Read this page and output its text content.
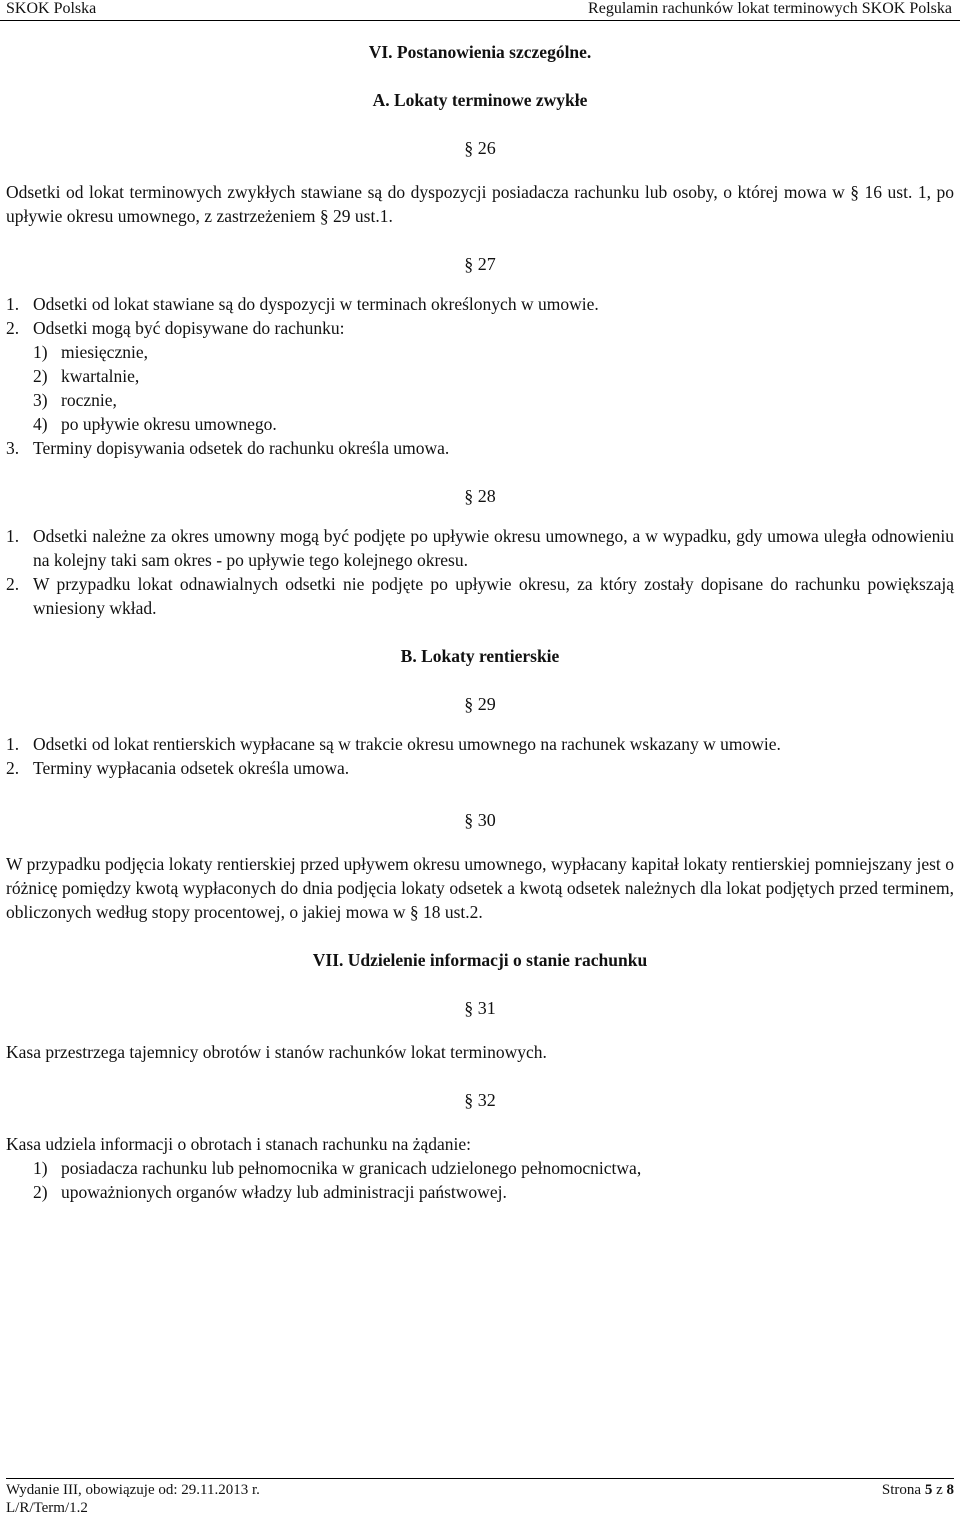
SKOK Polska	Regulamin rachunków lokat terminowych SKOK Polska

VI. Postanowienia szczególne.

A. Lokaty terminowe zwykłe

§ 26

Odsetki od lokat terminowych zwykłych stawiane są do dyspozycji posiadacza rachunku lub osoby, o której mowa w § 16 ust. 1, po upływie okresu umownego, z zastrzeżeniem § 29 ust.1.

§ 27

1. Odsetki od lokat stawiane są do dyspozycji w terminach określonych w umowie.
2. Odsetki mogą być dopisywane do rachunku:
1) miesięcznie,
2) kwartalnie,
3) rocznie,
4) po upływie okresu umownego.
3. Terminy dopisywania odsetek do rachunku określa umowa.

§ 28

1. Odsetki należne za okres umowny mogą być podjęte po upływie okresu umownego, a w wypadku, gdy umowa uległa odnowieniu na kolejny taki sam okres - po upływie tego kolejnego okresu.
2. W przypadku lokat odnawialnych odsetki nie podjęte po upływie okresu, za który zostały dopisane do rachunku powiększają wniesiony wkład.

B. Lokaty rentierskie

§ 29

1. Odsetki od lokat rentierskich wypłacane są w trakcie okresu umownego na rachunek wskazany w umowie.
2. Terminy wypłacania odsetek określa umowa.

§ 30

W przypadku podjęcia lokaty rentierskiej przed upływem okresu umownego, wypłacany kapitał lokaty rentierskiej pomniejszany jest o różnicę pomiędzy kwotą wypłaconych do dnia podjęcia lokaty odsetek a kwotą odsetek należnych dla lokat podjętych przed terminem, obliczonych według stopy procentowej, o jakiej mowa w § 18 ust.2.

VII. Udzielenie informacji o stanie rachunku

§ 31

Kasa przestrzega tajemnicy obrotów i stanów rachunków lokat terminowych.

§ 32

Kasa udziela informacji o obrotach i stanach rachunku na żądanie:

1) posiadacza rachunku lub pełnomocnika w granicach udzielonego pełnomocnictwa,
2) upoważnionych organów władzy lub administracji państwowej.
Wydanie III, obowiązuje od: 29.11.2013 r.	Strona 5 z 8
L/R/Term/1.2
